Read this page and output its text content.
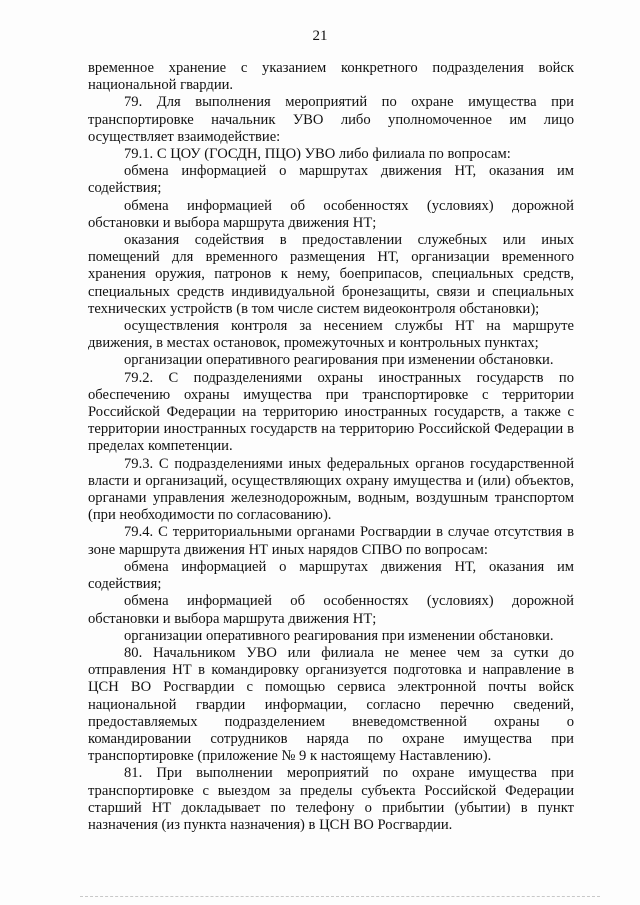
21

временное хранение с указанием конкретного подразделения войск национальной гвардии.

79. Для выполнения мероприятий по охране имущества при транспортировке начальник УВО либо уполномоченное им лицо осуществляет взаимодействие:

79.1. С ЦОУ (ГОСДН, ПЦО) УВО либо филиала по вопросам:

обмена информацией о маршрутах движения НТ, оказания им содействия;

обмена информацией об особенностях (условиях) дорожной обстановки и выбора маршрута движения НТ;

оказания содействия в предоставлении служебных или иных помещений для временного размещения НТ, организации временного хранения оружия, патронов к нему, боеприпасов, специальных средств, специальных средств индивидуальной бронезащиты, связи и специальных технических устройств (в том числе систем видеоконтроля обстановки);

осуществления контроля за несением службы НТ на маршруте движения, в местах остановок, промежуточных и контрольных пунктах;

организации оперативного реагирования при изменении обстановки.

79.2. С подразделениями охраны иностранных государств по обеспечению охраны имущества при транспортировке с территории Российской Федерации на территорию иностранных государств, а также с территории иностранных государств на территорию Российской Федерации в пределах компетенции.

79.3. С подразделениями иных федеральных органов государственной власти и организаций, осуществляющих охрану имущества и (или) объектов, органами управления железнодорожным, водным, воздушным транспортом (при необходимости по согласованию).

79.4. С территориальными органами Росгвардии в случае отсутствия в зоне маршрута движения НТ иных нарядов СПВО по вопросам:

обмена информацией о маршрутах движения НТ, оказания им содействия;

обмена информацией об особенностях (условиях) дорожной обстановки и выбора маршрута движения НТ;

организации оперативного реагирования при изменении обстановки.

80. Начальником УВО или филиала не менее чем за сутки до отправления НТ в командировку организуется подготовка и направление в ЦСН ВО Росгвардии с помощью сервиса электронной почты войск национальной гвардии информации, согласно перечню сведений, предоставляемых подразделением вневедомственной охраны о командировании сотрудников наряда по охране имущества при транспортировке (приложение № 9 к настоящему Наставлению).

81. При выполнении мероприятий по охране имущества при транспортировке с выездом за пределы субъекта Российской Федерации старший НТ докладывает по телефону о прибытии (убытии) в пункт назначения (из пункта назначения) в ЦСН ВО Росгвардии.
